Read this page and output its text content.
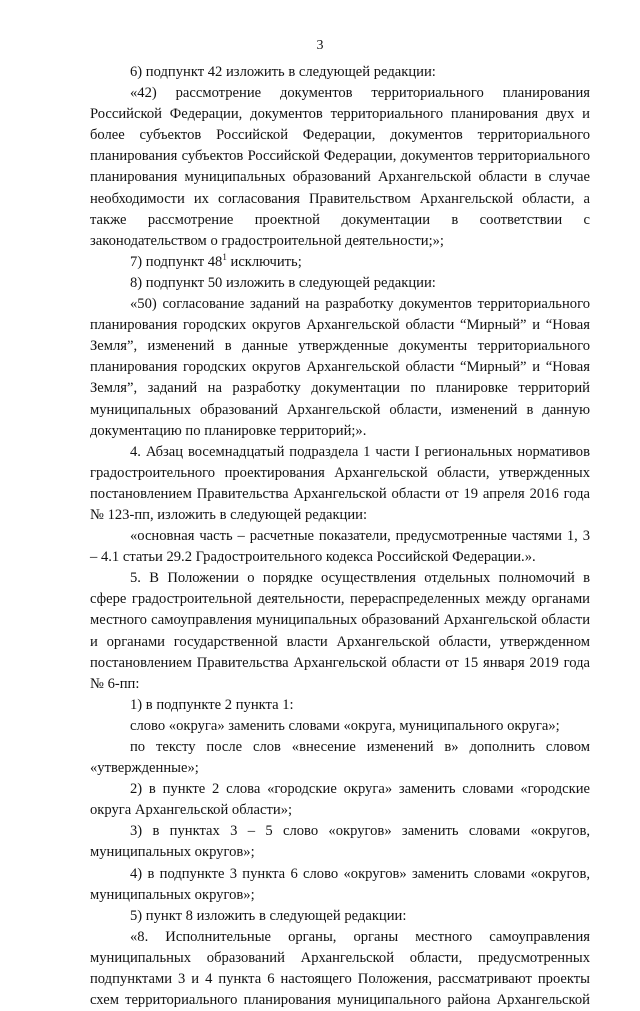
3

6) подпункт 42 изложить в следующей редакции:

«42) рассмотрение документов территориального планирования Российской Федерации, документов территориального планирования двух и более субъектов Российской Федерации, документов территориального планирования субъектов Российской Федерации, документов территориального планирования муниципальных образований Архангельской области в случае необходимости их согласования Правительством Архангельской области, а также рассмотрение проектной документации в соответствии с законодательством о градостроительной деятельности;»;

7) подпункт $48^1$ исключить;

8) подпункт 50 изложить в следующей редакции:

«50) согласование заданий на разработку документов территориального планирования городских округов Архангельской области “Мирный” и “Новая Земля”, изменений в данные утвержденные документы территориального планирования городских округов Архангельской области “Мирный” и “Новая Земля”, заданий на разработку документации по планировке территорий муниципальных образований Архангельской области, изменений в данную документацию по планировке территорий;».

4. Абзац восемнадцатый подраздела 1 части I региональных нормативов градостроительного проектирования Архангельской области, утвержденных постановлением Правительства Архангельской области от 19 апреля 2016 года № 123-пп, изложить в следующей редакции:

«основная часть – расчетные показатели, предусмотренные частями 1, 3 – 4.1 статьи 29.2 Градостроительного кодекса Российской Федерации.».

5. В Положении о порядке осуществления отдельных полномочий в сфере градостроительной деятельности, перераспределенных между органами местного самоуправления муниципальных образований Архангельской области и органами государственной власти Архангельской области, утвержденном постановлением Правительства Архангельской области от 15 января 2019 года № 6-пп:

1) в подпункте 2 пункта 1:

слово «округа» заменить словами «округа, муниципального округа»;

по тексту после слов «внесение изменений в» дополнить словом «утвержденные»;

2) в пункте 2 слова «городские округа» заменить словами «городские округа Архангельской области»;

3) в пунктах 3 – 5 слово «округов» заменить словами «округов, муниципальных округов»;

4) в подпункте 3 пункта 6 слово «округов» заменить словами «округов, муниципальных округов»;

5) пункт 8 изложить в следующей редакции:

«8. Исполнительные органы, органы местного самоуправления муниципальных образований Архангельской области, предусмотренных подпунктами 3 и 4 пункта 6 настоящего Положения, рассматривают проекты схем территориального планирования муниципального района Архангельской
